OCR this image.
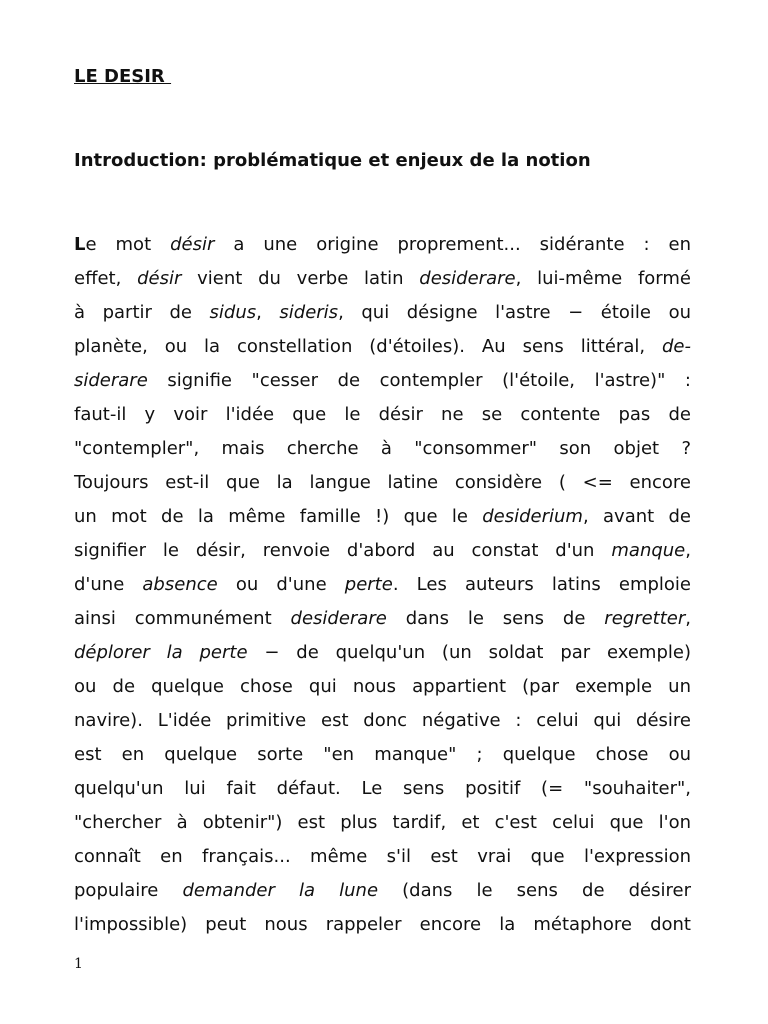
LE DESIR

Introduction: problématique et enjeux de la notion

Le mot désir a une origine proprement... sidérante : en
effet, désir vient du verbe latin desiderare, lui-même formé
à partir de sidus, sideris, qui désigne l'astre − étoile ou
planète, ou la constellation (d'étoiles). Au sens littéral, de-
siderare signifie "cesser de contempler (l'étoile, l'astre)" :
faut-il y voir l'idée que le désir ne se contente pas de
"contempler", mais cherche à "consommer" son objet ?
Toujours est-il que la langue latine considère ( <= encore
un mot de la même famille !) que le desiderium, avant de
signifier le désir, renvoie d'abord au constat d'un manque,
d'une absence ou d'une perte. Les auteurs latins emploie
ainsi communément desiderare dans le sens de regretter,
déplorer la perte − de quelqu'un (un soldat par exemple)
ou de quelque chose qui nous appartient (par exemple un
navire). L'idée primitive est donc négative : celui qui désire
est en quelque sorte "en manque" ; quelque chose ou
quelqu'un lui fait défaut. Le sens positif (= "souhaiter",
"chercher à obtenir") est plus tardif, et c'est celui que l'on
connaît en français... même s'il est vrai que l'expression
populaire demander la lune (dans le sens de désirer
l'impossible) peut nous rappeler encore la métaphore dont

1
